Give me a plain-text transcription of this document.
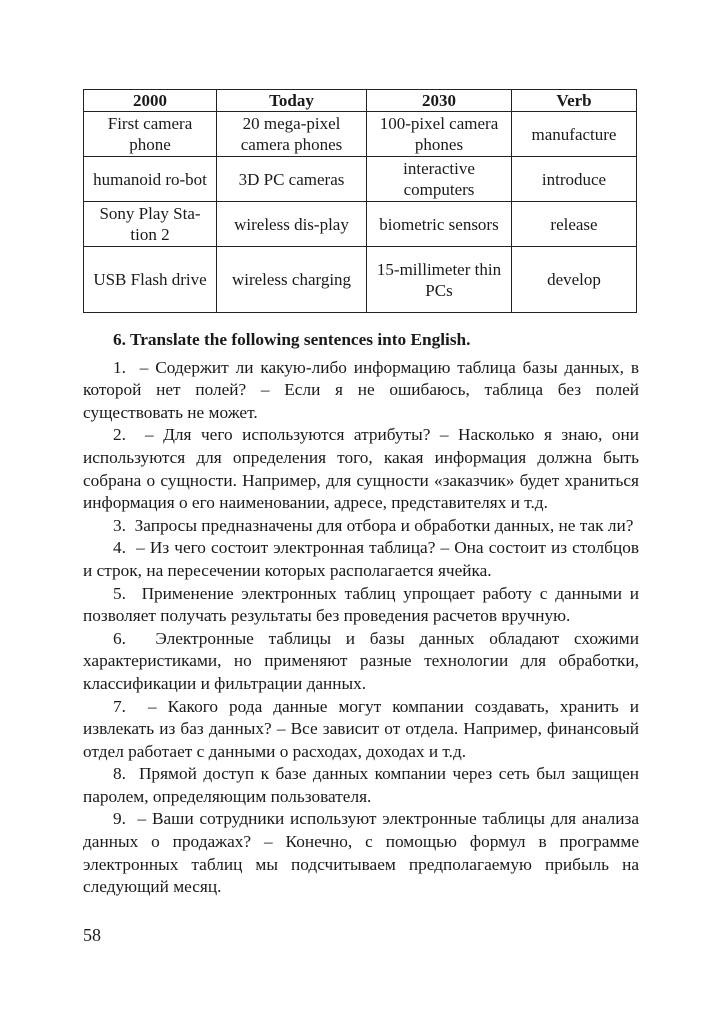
2000	Today	2030	Verb
First camera phone	20 mega-pixel camera phones	100-pixel camera phones	manufacture
humanoid ro-bot	3D PC cameras	interactive computers	introduce
Sony Play Sta-tion 2	wireless dis-play	biometric sensors	release
USB Flash drive	wireless charging	15-millimeter thin PCs	develop

6. Translate the following sentences into English.

1. – Содержит ли какую-либо информацию таблица базы данных, в которой нет полей? – Если я не ошибаюсь, таблица без полей существовать не может.

2. – Для чего используются атрибуты? – Насколько я знаю, они используются для определения того, какая информация должна быть собрана о сущности. Например, для сущности «заказчик» будет храниться информация о его наименовании, адресе, представителях и т.д.

3. Запросы предназначены для отбора и обработки данных, не так ли?

4. – Из чего состоит электронная таблица? – Она состоит из столбцов и строк, на пересечении которых располагается ячейка.

5. Применение электронных таблиц упрощает работу с данными и позволяет получать результаты без проведения расчетов вручную.

6. Электронные таблицы и базы данных обладают схожими характеристиками, но применяют разные технологии для обработки, классификации и фильтрации данных.

7. – Какого рода данные могут компании создавать, хранить и извлекать из баз данных? – Все зависит от отдела. Например, финансовый отдел работает с данными о расходах, доходах и т.д.

8. Прямой доступ к базе данных компании через сеть был защищен паролем, определяющим пользователя.

9. – Ваши сотрудники используют электронные таблицы для анализа данных о продажах? – Конечно, с помощью формул в программе электронных таблиц мы подсчитываем предполагаемую прибыль на следующий месяц.

58
